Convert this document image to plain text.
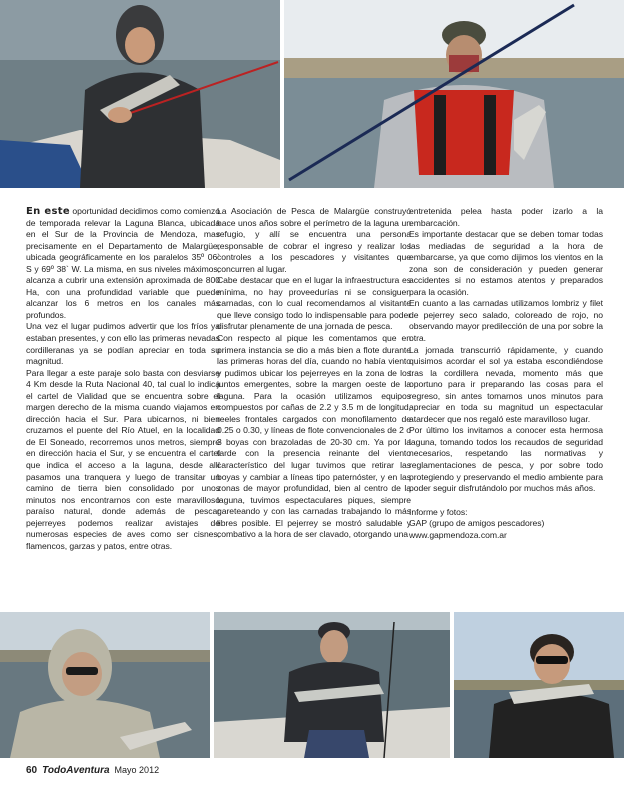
En este oportunidad decidimos como comienzo de temporada relevar la Laguna Blanca, ubicada en el Sur de la Provincia de Mendoza, mas precisamente en el Departamento de Malargüe, ubicada geográficamente en los paralelos 35º 06` S y 69º 38` W. La misma, en sus niveles máximos, alcanza a cubrir una extensión aproximada de 800 Ha, con una profundidad variable que puede alcanzar los 6 metros en los canales más profundos.

Una vez el lugar pudimos advertir que los fríos ya estaban presentes, y con ello las primeras nevadas cordilleranas ya se podían apreciar en toda su magnitud.

Para llegar a este paraje solo basta con desviarse 4 Km desde la Ruta Nacional 40, tal cual lo indica el cartel de Vialidad que se encuentra sobre el margen derecho de la misma cuando viajamos en dirección hacia el Sur. Para ubicarnos, ni bien cruzamos el puente del Río Atuel, en la localidad de El Soneado, recorremos unos metros, siempre en dirección hacia el Sur, y se encuentra el cartel que indica el acceso a la laguna, desde allí pasamos una tranquera y luego de transitar un camino de tierra bien consolidado por unos minutos nos encontrarnos con este maravilloso paraíso natural, donde además de pescar pejerreyes podemos realizar avistajes de numerosas especies de aves como ser cisnes, flamencos, garzas y patos, entre otras.

La Asociación de Pesca de Malargüe construyó hace unos años sobre el perímetro de la laguna un refugio, y allí se encuentra una persona responsable de cobrar el ingreso y realizar los controles a los pescadores y visitantes que concurren al lugar.

Cabe destacar que en el lugar la infraestructura es mínima, no hay proveedurías ni se consiguen carnadas, con lo cual recomendamos al visitante que lleve consigo todo lo indispensable para poder disfrutar plenamente de una jornada de pesca.

Con respecto al pique les comentamos que en primera instancia se dio a más bien a flote durante las primeras horas del día, cuando no había viento y pudimos ubicar los pejerreyes en la zona de los juntos emergentes, sobre la margen oeste de la laguna. Para la ocasión utilizamos equipos compuestos por cañas de 2.2 y 3.5 m de longitud, reeles frontales cargados con monofilamento de 0.25 o 0.30, y líneas de flote convencionales de 2 o 3 boyas con brazoladas de 20-30 cm. Ya por la tarde con la presencia reinante del viento característico del lugar tuvimos que retirar las boyas y cambiar a líneas tipo paternóster, y en las zonas de mayor profundidad, bien al centro de la laguna, tuvimos espectaculares piques, siempre gareteando y con las carnadas trabajando lo más libres posible. El pejerrey se mostró saludable y combativo a la hora de ser clavado, otorgando una

entretenida pelea hasta poder izarlo a la embarcación.

Es importante destacar que se deben tomar todas las mediadas de seguridad a la hora de embarcarse, ya que como dijimos los vientos en la zona son de consideración y pueden generar accidentes si no estamos atentos y preparados para la ocasión.

En cuanto a las carnadas utilizamos lombriz y filet de pejerrey seco salado, coloreado de rojo, no observando mayor predilección de una por sobre la otra.

La jornada transcurrió rápidamente, y cuando quisimos acordar el sol ya estaba escondiéndose tras la cordillera nevada, momento más que oportuno para ir preparando las cosas para el regreso, sin antes tomarnos unos minutos para apreciar en toda su magnitud un espectacular atardecer que nos regaló este maravilloso lugar.

Por último los invitamos a conocer esta hermosa laguna, tomando todos los recaudos de seguridad necesarios, respetando las normativas y reglamentaciones de pesca, y por sobre todo protegiendo y preservando el medio ambiente para poder seguir disfrutándolo por muchos más años.

Informe y fotos:

GAP (grupo de amigos pescadores)

www.gapmendoza.com.ar

60 TodoAventura Mayo 2012
